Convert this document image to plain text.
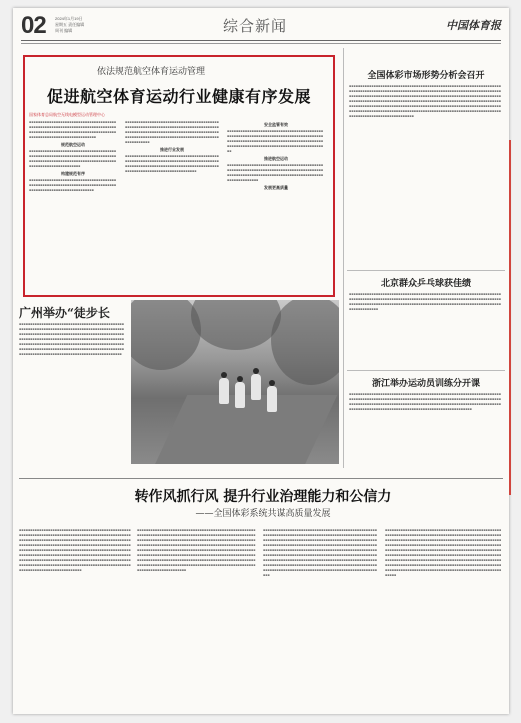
02 2024年1月19日
星期五 责任编辑
周刊 编辑	综合新闻	中国体育报
依法规范航空体育运动管理
促进航空体育运动行业健康有序发展
国家体育总局航空无线电模型运动管理中心
▪▪▪▪▪▪▪▪▪▪▪▪▪▪▪▪▪▪▪▪▪▪▪▪▪▪▪▪▪▪▪▪▪▪▪▪▪▪▪▪▪▪▪▪▪▪▪▪▪▪▪▪▪▪▪▪▪▪▪▪▪▪▪▪▪▪▪▪▪▪▪▪▪▪▪▪▪▪▪▪▪▪▪▪▪▪▪▪▪▪▪▪▪▪▪▪▪▪▪▪▪▪▪▪▪▪▪▪▪▪▪▪▪▪▪▪▪▪▪▪▪▪▪▪▪▪▪▪▪▪▪▪▪▪▪▪▪▪▪▪▪▪▪▪▪▪▪
规范航空运动
▪▪▪▪▪▪▪▪▪▪▪▪▪▪▪▪▪▪▪▪▪▪▪▪▪▪▪▪▪▪▪▪▪▪▪▪▪▪▪▪▪▪▪▪▪▪▪▪▪▪▪▪▪▪▪▪▪▪▪▪▪▪▪▪▪▪▪▪▪▪▪▪▪▪▪▪▪▪▪▪▪▪▪▪▪▪▪▪▪▪▪▪▪▪▪▪▪▪▪▪▪▪▪▪▪▪▪▪▪▪▪▪▪▪▪▪▪▪▪▪▪▪▪▪▪▪▪▪▪▪▪▪▪▪▪▪▪▪▪▪
构建规范有序
▪▪▪▪▪▪▪▪▪▪▪▪▪▪▪▪▪▪▪▪▪▪▪▪▪▪▪▪▪▪▪▪▪▪▪▪▪▪▪▪▪▪▪▪▪▪▪▪▪▪▪▪▪▪▪▪▪▪▪▪▪▪▪▪▪▪▪▪▪▪▪▪▪▪▪▪▪▪▪▪▪▪▪▪▪▪▪▪▪▪▪▪▪▪▪▪▪▪▪▪▪▪▪▪▪▪▪
▪▪▪▪▪▪▪▪▪▪▪▪▪▪▪▪▪▪▪▪▪▪▪▪▪▪▪▪▪▪▪▪▪▪▪▪▪▪▪▪▪▪▪▪▪▪▪▪▪▪▪▪▪▪▪▪▪▪▪▪▪▪▪▪▪▪▪▪▪▪▪▪▪▪▪▪▪▪▪▪▪▪▪▪▪▪▪▪▪▪▪▪▪▪▪▪▪▪▪▪▪▪▪▪▪▪▪▪▪▪▪▪▪▪▪▪▪▪▪▪▪▪▪▪▪▪▪▪▪▪▪▪▪▪▪▪▪▪▪▪▪▪▪▪▪▪▪▪▪▪▪▪▪▪▪▪▪▪▪▪▪▪▪▪▪▪▪▪▪▪▪▪▪▪▪▪▪▪▪
推进行业发展
▪▪▪▪▪▪▪▪▪▪▪▪▪▪▪▪▪▪▪▪▪▪▪▪▪▪▪▪▪▪▪▪▪▪▪▪▪▪▪▪▪▪▪▪▪▪▪▪▪▪▪▪▪▪▪▪▪▪▪▪▪▪▪▪▪▪▪▪▪▪▪▪▪▪▪▪▪▪▪▪▪▪▪▪▪▪▪▪▪▪▪▪▪▪▪▪▪▪▪▪▪▪▪▪▪▪▪▪▪▪▪▪▪▪▪▪▪▪▪▪▪▪▪▪▪▪▪▪▪▪▪▪▪▪▪▪▪▪▪▪▪▪▪▪▪▪▪▪▪▪▪▪▪▪▪▪▪▪
安全监管有效
▪▪▪▪▪▪▪▪▪▪▪▪▪▪▪▪▪▪▪▪▪▪▪▪▪▪▪▪▪▪▪▪▪▪▪▪▪▪▪▪▪▪▪▪▪▪▪▪▪▪▪▪▪▪▪▪▪▪▪▪▪▪▪▪▪▪▪▪▪▪▪▪▪▪▪▪▪▪▪▪▪▪▪▪▪▪▪▪▪▪▪▪▪▪▪▪▪▪▪▪▪▪▪▪▪▪▪▪▪▪▪▪▪▪▪▪▪▪▪▪▪▪▪▪▪▪▪▪▪▪▪▪▪▪▪▪▪▪▪▪▪▪▪▪▪▪▪▪▪▪▪▪▪▪▪▪▪▪▪▪▪▪▪▪▪▪▪▪▪▪▪▪▪▪
推进航空运动
▪▪▪▪▪▪▪▪▪▪▪▪▪▪▪▪▪▪▪▪▪▪▪▪▪▪▪▪▪▪▪▪▪▪▪▪▪▪▪▪▪▪▪▪▪▪▪▪▪▪▪▪▪▪▪▪▪▪▪▪▪▪▪▪▪▪▪▪▪▪▪▪▪▪▪▪▪▪▪▪▪▪▪▪▪▪▪▪▪▪▪▪▪▪▪▪▪▪▪▪▪▪▪▪▪▪▪▪▪▪▪▪▪▪▪▪▪▪▪▪▪▪▪▪▪▪▪▪▪▪▪▪▪▪▪▪▪▪▪▪▪▪▪
发展更高质量
全国体彩市场形势分析会召开
▪▪▪▪▪▪▪▪▪▪▪▪▪▪▪▪▪▪▪▪▪▪▪▪▪▪▪▪▪▪▪▪▪▪▪▪▪▪▪▪▪▪▪▪▪▪▪▪▪▪▪▪▪▪▪▪▪▪▪▪▪▪▪▪▪▪▪▪▪▪▪▪▪▪▪▪▪▪▪▪▪▪▪▪▪▪▪▪▪▪▪▪▪▪▪▪▪▪▪▪▪▪▪▪▪▪▪▪▪▪▪▪▪▪▪▪▪▪▪▪▪▪▪▪▪▪▪▪▪▪▪▪▪▪▪▪▪▪▪▪▪▪▪▪▪▪▪▪▪▪▪▪▪▪▪▪▪▪▪▪▪▪▪▪▪▪▪▪▪▪▪▪▪▪▪▪▪▪▪▪▪▪▪▪▪▪▪▪▪▪▪▪▪▪▪▪▪▪▪▪▪▪▪▪▪▪▪▪▪▪▪▪▪▪▪▪▪▪▪▪▪▪▪▪▪▪▪▪▪▪▪▪▪▪▪▪▪▪▪▪▪▪▪▪▪▪▪▪▪▪▪▪▪▪▪▪▪▪▪▪▪▪▪▪▪▪▪▪▪▪▪▪▪▪▪▪▪▪▪▪▪▪▪▪▪▪▪▪▪▪▪▪▪▪▪▪▪▪▪▪▪▪▪▪▪▪▪▪▪▪▪▪▪▪▪▪▪▪▪▪▪▪▪▪▪▪▪▪▪▪▪▪▪▪▪▪▪▪▪▪▪▪▪▪▪▪▪▪▪▪▪▪▪▪▪▪▪▪▪▪▪▪▪▪▪▪▪▪▪▪▪▪▪▪▪▪▪▪▪▪▪▪▪▪▪▪▪▪▪▪▪▪▪▪▪▪▪▪▪▪▪▪▪▪▪▪▪▪▪▪▪▪▪▪▪▪▪▪▪▪▪▪▪▪▪▪▪▪▪▪▪▪▪▪▪▪▪
北京群众乒乓球获佳绩
▪▪▪▪▪▪▪▪▪▪▪▪▪▪▪▪▪▪▪▪▪▪▪▪▪▪▪▪▪▪▪▪▪▪▪▪▪▪▪▪▪▪▪▪▪▪▪▪▪▪▪▪▪▪▪▪▪▪▪▪▪▪▪▪▪▪▪▪▪▪▪▪▪▪▪▪▪▪▪▪▪▪▪▪▪▪▪▪▪▪▪▪▪▪▪▪▪▪▪▪▪▪▪▪▪▪▪▪▪▪▪▪▪▪▪▪▪▪▪▪▪▪▪▪▪▪▪▪▪▪▪▪▪▪▪▪▪▪▪▪▪▪▪▪▪▪▪▪▪▪▪▪▪▪▪▪▪▪▪▪▪▪▪▪▪▪▪▪▪▪▪▪▪▪▪▪▪▪▪▪▪▪▪▪▪▪▪▪▪▪▪▪▪▪▪▪▪▪▪▪▪▪▪▪▪▪▪▪▪▪▪▪▪▪▪▪▪
浙江举办运动员训练分开课
▪▪▪▪▪▪▪▪▪▪▪▪▪▪▪▪▪▪▪▪▪▪▪▪▪▪▪▪▪▪▪▪▪▪▪▪▪▪▪▪▪▪▪▪▪▪▪▪▪▪▪▪▪▪▪▪▪▪▪▪▪▪▪▪▪▪▪▪▪▪▪▪▪▪▪▪▪▪▪▪▪▪▪▪▪▪▪▪▪▪▪▪▪▪▪▪▪▪▪▪▪▪▪▪▪▪▪▪▪▪▪▪▪▪▪▪▪▪▪▪▪▪▪▪▪▪▪▪▪▪▪▪▪▪▪▪▪▪▪▪▪▪▪▪▪▪▪▪▪▪▪▪▪▪▪▪▪▪▪▪▪▪▪▪▪▪▪▪▪▪▪▪▪▪▪▪▪▪▪▪▪▪▪▪▪▪▪▪▪▪▪▪▪▪▪▪▪▪▪▪▪▪▪▪▪▪▪▪▪▪▪▪▪▪▪▪▪▪▪▪▪▪▪▪▪▪▪▪▪▪▪▪▪▪▪▪▪▪▪▪▪▪▪▪▪▪▪▪▪▪▪▪▪▪▪▪▪▪▪
广州举办“徒步长
▪▪▪▪▪▪▪▪▪▪▪▪▪▪▪▪▪▪▪▪▪▪▪▪▪▪▪▪▪▪▪▪▪▪▪▪▪▪▪▪▪▪▪▪▪▪▪▪▪▪▪▪▪▪▪▪▪▪▪▪▪▪▪▪▪▪▪▪▪▪▪▪▪▪▪▪▪▪▪▪▪▪▪▪▪▪▪▪▪▪▪▪▪▪▪▪▪▪▪▪▪▪▪▪▪▪▪▪▪▪▪▪▪▪▪▪▪▪▪▪▪▪▪▪▪▪▪▪▪▪▪▪▪▪▪▪▪▪▪▪▪▪▪▪▪▪▪▪▪▪▪▪▪▪▪▪▪▪▪▪▪▪▪▪▪▪▪▪▪▪▪▪▪▪▪▪▪▪▪▪▪▪▪▪▪▪▪▪▪▪▪▪▪▪▪▪▪▪▪▪▪▪▪▪▪▪▪▪▪▪▪▪▪▪▪▪▪▪▪▪▪▪▪▪▪▪▪▪▪▪▪▪▪▪▪▪▪▪▪▪▪▪▪▪▪▪▪▪▪▪▪▪▪▪▪▪▪▪▪▪▪▪▪▪▪▪▪▪▪▪▪▪▪▪▪▪▪▪▪▪▪▪▪▪▪▪▪▪▪▪▪▪▪▪▪▪▪▪▪▪▪▪▪▪▪▪▪▪▪▪▪▪▪▪▪▪▪▪▪▪▪▪▪▪▪▪▪▪
转作风抓行风 提升行业治理能力和公信力
——全国体彩系统共谋高质量发展
▪▪▪▪▪▪▪▪▪▪▪▪▪▪▪▪▪▪▪▪▪▪▪▪▪▪▪▪▪▪▪▪▪▪▪▪▪▪▪▪▪▪▪▪▪▪▪▪▪▪▪▪▪▪▪▪▪▪▪▪▪▪▪▪▪▪▪▪▪▪▪▪▪▪▪▪▪▪▪▪▪▪▪▪▪▪▪▪▪▪▪▪▪▪▪▪▪▪▪▪▪▪▪▪▪▪▪▪▪▪▪▪▪▪▪▪▪▪▪▪▪▪▪▪▪▪▪▪▪▪▪▪▪▪▪▪▪▪▪▪▪▪▪▪▪▪▪▪▪▪▪▪▪▪▪▪▪▪▪▪▪▪▪▪▪▪▪▪▪▪▪▪▪▪▪▪▪▪▪▪▪▪▪▪▪▪▪▪▪▪▪▪▪▪▪▪▪▪▪▪▪▪▪▪▪▪▪▪▪▪▪▪▪▪▪▪▪▪▪▪▪▪▪▪▪▪▪▪▪▪▪▪▪▪▪▪▪▪▪▪▪▪▪▪▪▪▪▪▪▪▪▪▪▪▪▪▪▪▪▪▪▪▪▪▪▪▪▪▪▪▪▪▪▪▪▪▪▪▪▪▪▪▪▪▪▪▪▪▪▪▪▪▪▪▪▪▪▪▪▪▪▪▪▪▪▪▪▪▪▪▪▪▪▪▪▪▪▪▪▪▪▪▪▪▪▪▪▪▪▪▪▪▪▪▪▪▪▪▪▪▪▪▪▪▪▪▪▪▪▪▪▪▪▪▪▪▪▪▪▪▪▪▪▪▪▪▪▪▪▪▪▪▪▪▪▪▪▪▪▪▪▪▪▪▪▪▪▪▪▪▪▪▪▪▪▪▪▪▪▪▪▪▪▪▪▪▪▪▪▪▪▪▪▪▪▪▪▪▪▪▪▪▪▪▪▪▪▪
▪▪▪▪▪▪▪▪▪▪▪▪▪▪▪▪▪▪▪▪▪▪▪▪▪▪▪▪▪▪▪▪▪▪▪▪▪▪▪▪▪▪▪▪▪▪▪▪▪▪▪▪▪▪▪▪▪▪▪▪▪▪▪▪▪▪▪▪▪▪▪▪▪▪▪▪▪▪▪▪▪▪▪▪▪▪▪▪▪▪▪▪▪▪▪▪▪▪▪▪▪▪▪▪▪▪▪▪▪▪▪▪▪▪▪▪▪▪▪▪▪▪▪▪▪▪▪▪▪▪▪▪▪▪▪▪▪▪▪▪▪▪▪▪▪▪▪▪▪▪▪▪▪▪▪▪▪▪▪▪▪▪▪▪▪▪▪▪▪▪▪▪▪▪▪▪▪▪▪▪▪▪▪▪▪▪▪▪▪▪▪▪▪▪▪▪▪▪▪▪▪▪▪▪▪▪▪▪▪▪▪▪▪▪▪▪▪▪▪▪▪▪▪▪▪▪▪▪▪▪▪▪▪▪▪▪▪▪▪▪▪▪▪▪▪▪▪▪▪▪▪▪▪▪▪▪▪▪▪▪▪▪▪▪▪▪▪▪▪▪▪▪▪▪▪▪▪▪▪▪▪▪▪▪▪▪▪▪▪▪▪▪▪▪▪▪▪▪▪▪▪▪▪▪▪▪▪▪▪▪▪▪▪▪▪▪▪▪▪▪▪▪▪▪▪▪▪▪▪▪▪▪▪▪▪▪▪▪▪▪▪▪▪▪▪▪▪▪▪▪▪▪▪▪▪▪▪▪▪▪▪▪▪▪▪▪▪▪▪▪▪▪▪▪▪▪▪▪▪▪▪▪▪▪▪▪▪▪▪▪▪▪▪▪▪▪▪▪▪▪▪▪▪▪▪▪▪▪▪▪▪▪▪▪▪▪▪▪▪▪▪▪▪▪▪▪▪▪▪▪▪▪▪▪▪▪▪▪▪▪▪▪▪▪▪▪
▪▪▪▪▪▪▪▪▪▪▪▪▪▪▪▪▪▪▪▪▪▪▪▪▪▪▪▪▪▪▪▪▪▪▪▪▪▪▪▪▪▪▪▪▪▪▪▪▪▪▪▪▪▪▪▪▪▪▪▪▪▪▪▪▪▪▪▪▪▪▪▪▪▪▪▪▪▪▪▪▪▪▪▪▪▪▪▪▪▪▪▪▪▪▪▪▪▪▪▪▪▪▪▪▪▪▪▪▪▪▪▪▪▪▪▪▪▪▪▪▪▪▪▪▪▪▪▪▪▪▪▪▪▪▪▪▪▪▪▪▪▪▪▪▪▪▪▪▪▪▪▪▪▪▪▪▪▪▪▪▪▪▪▪▪▪▪▪▪▪▪▪▪▪▪▪▪▪▪▪▪▪▪▪▪▪▪▪▪▪▪▪▪▪▪▪▪▪▪▪▪▪▪▪▪▪▪▪▪▪▪▪▪▪▪▪▪▪▪▪▪▪▪▪▪▪▪▪▪▪▪▪▪▪▪▪▪▪▪▪▪▪▪▪▪▪▪▪▪▪▪▪▪▪▪▪▪▪▪▪▪▪▪▪▪▪▪▪▪▪▪▪▪▪▪▪▪▪▪▪▪▪▪▪▪▪▪▪▪▪▪▪▪▪▪▪▪▪▪▪▪▪▪▪▪▪▪▪▪▪▪▪▪▪▪▪▪▪▪▪▪▪▪▪▪▪▪▪▪▪▪▪▪▪▪▪▪▪▪▪▪▪▪▪▪▪▪▪▪▪▪▪▪▪▪▪▪▪▪▪▪▪▪▪▪▪▪▪▪▪▪▪▪▪▪▪▪▪▪▪▪▪▪▪▪▪▪▪▪▪▪▪▪▪▪▪▪▪▪▪▪▪▪▪▪▪▪▪▪▪▪▪▪▪▪▪▪▪▪▪▪▪▪▪▪▪▪▪▪▪▪▪▪▪▪▪▪▪▪▪▪▪▪▪▪▪▪▪▪▪▪▪▪▪▪▪▪▪▪▪▪▪
▪▪▪▪▪▪▪▪▪▪▪▪▪▪▪▪▪▪▪▪▪▪▪▪▪▪▪▪▪▪▪▪▪▪▪▪▪▪▪▪▪▪▪▪▪▪▪▪▪▪▪▪▪▪▪▪▪▪▪▪▪▪▪▪▪▪▪▪▪▪▪▪▪▪▪▪▪▪▪▪▪▪▪▪▪▪▪▪▪▪▪▪▪▪▪▪▪▪▪▪▪▪▪▪▪▪▪▪▪▪▪▪▪▪▪▪▪▪▪▪▪▪▪▪▪▪▪▪▪▪▪▪▪▪▪▪▪▪▪▪▪▪▪▪▪▪▪▪▪▪▪▪▪▪▪▪▪▪▪▪▪▪▪▪▪▪▪▪▪▪▪▪▪▪▪▪▪▪▪▪▪▪▪▪▪▪▪▪▪▪▪▪▪▪▪▪▪▪▪▪▪▪▪▪▪▪▪▪▪▪▪▪▪▪▪▪▪▪▪▪▪▪▪▪▪▪▪▪▪▪▪▪▪▪▪▪▪▪▪▪▪▪▪▪▪▪▪▪▪▪▪▪▪▪▪▪▪▪▪▪▪▪▪▪▪▪▪▪▪▪▪▪▪▪▪▪▪▪▪▪▪▪▪▪▪▪▪▪▪▪▪▪▪▪▪▪▪▪▪▪▪▪▪▪▪▪▪▪▪▪▪▪▪▪▪▪▪▪▪▪▪▪▪▪▪▪▪▪▪▪▪▪▪▪▪▪▪▪▪▪▪▪▪▪▪▪▪▪▪▪▪▪▪▪▪▪▪▪▪▪▪▪▪▪▪▪▪▪▪▪▪▪▪▪▪▪▪▪▪▪▪▪▪▪▪▪▪▪▪▪▪▪▪▪▪▪▪▪▪▪▪▪▪▪▪▪▪▪▪▪▪▪▪▪▪▪▪▪▪▪▪▪▪▪▪▪▪▪▪▪▪▪▪▪▪▪▪▪▪▪▪▪▪▪▪▪▪▪▪▪▪▪▪▪▪▪▪▪▪▪▪▪▪▪▪▪▪▪▪▪▪▪▪
